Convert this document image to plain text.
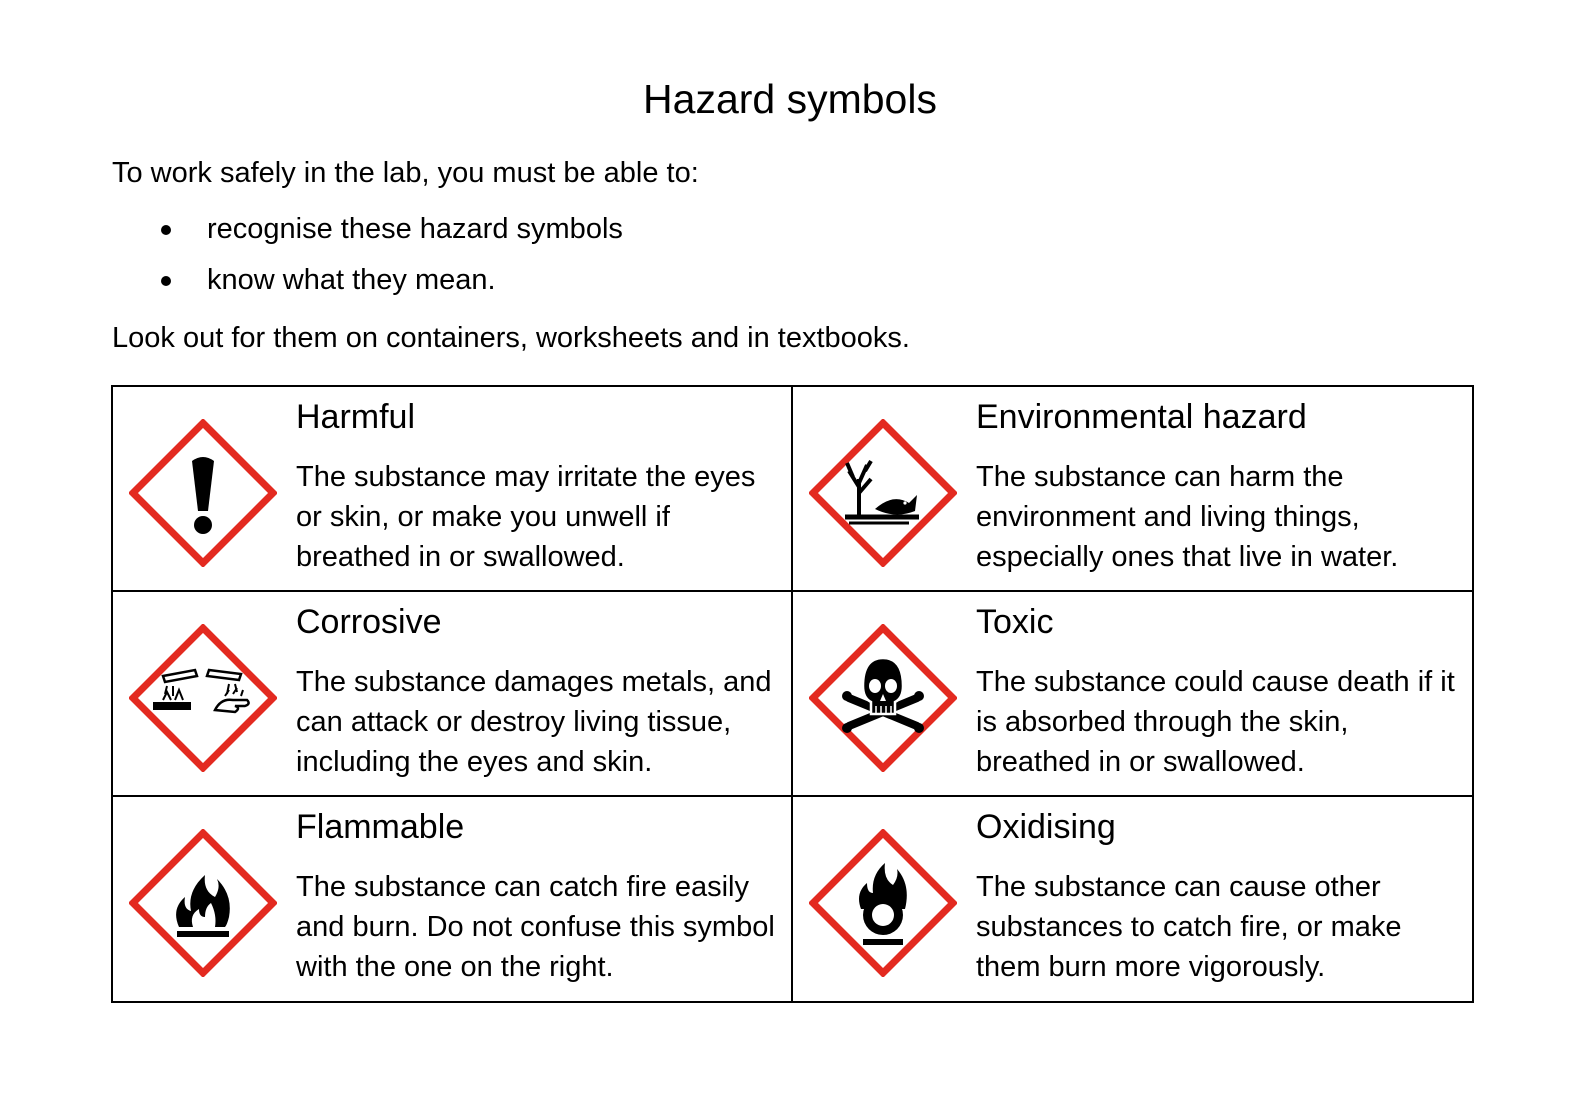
Hazard symbols

To work safely in the lab, you must be able to:

recognise these hazard symbols
know what they mean.

Look out for them on containers, worksheets and in textbooks.

Harmful

The substance may irritate the eyes or skin, or make you unwell if breathed in or swallowed.

Environmental hazard

The substance can harm the environment and living things, especially ones that live in water.

Corrosive

The substance damages metals, and can attack or destroy living tissue, including the eyes and skin.

Toxic

The substance could cause death if it is absorbed through the skin, breathed in or swallowed.

Flammable

The substance can catch fire easily and burn. Do not confuse this symbol with the one on the right.

Oxidising

The substance can cause other substances to catch fire, or make them burn more vigorously.
